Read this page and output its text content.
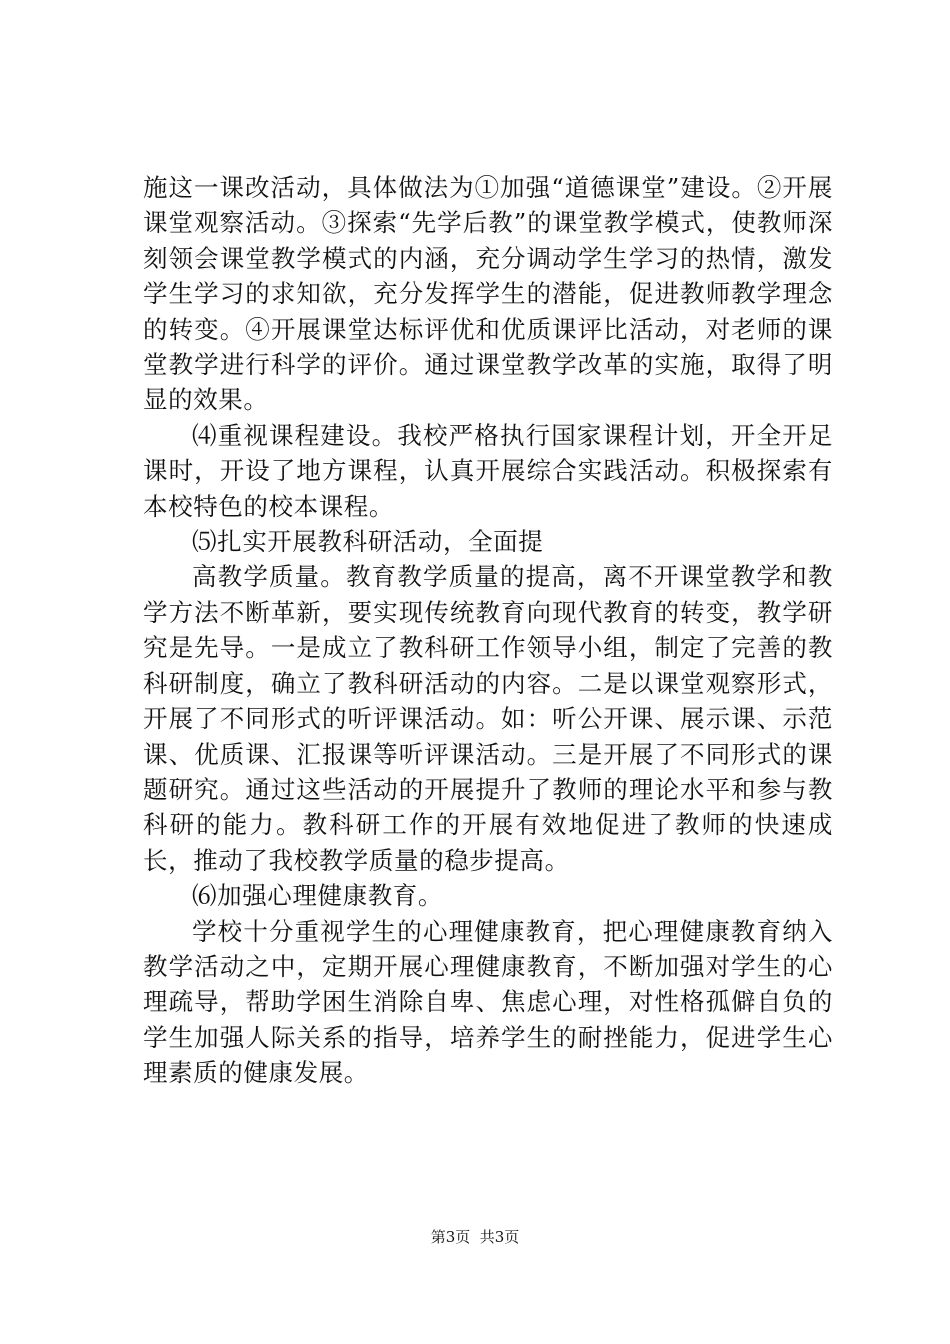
施这一课改活动，具体做法为①加强“道德课堂”建设。②开展课堂观察活动。③探索“先学后教”的课堂教学模式，使教师深刻领会课堂教学模式的内涵，充分调动学生学习的热情，激发学生学习的求知欲，充分发挥学生的潜能，促进教师教学理念的转变。④开展课堂达标评优和优质课评比活动，对老师的课堂教学进行科学的评价。通过课堂教学改革的实施，取得了明显的效果。

⑷重视课程建设。我校严格执行国家课程计划，开全开足课时，开设了地方课程，认真开展综合实践活动。积极探索有本校特色的校本课程。

⑸扎实开展教科研活动，全面提

高教学质量。教育教学质量的提高，离不开课堂教学和教学方法不断革新，要实现传统教育向现代教育的转变，教学研究是先导。一是成立了教科研工作领导小组，制定了完善的教科研制度，确立了教科研活动的内容。二是以课堂观察形式，开展了不同形式的听评课活动。如：听公开课、展示课、示范课、优质课、汇报课等听评课活动。三是开展了不同形式的课题研究。通过这些活动的开展提升了教师的理论水平和参与教科研的能力。教科研工作的开展有效地促进了教师的快速成长，推动了我校教学质量的稳步提高。

⑹加强心理健康教育。

学校十分重视学生的心理健康教育，把心理健康教育纳入教学活动之中，定期开展心理健康教育，不断加强对学生的心理疏导，帮助学困生消除自卑、焦虑心理，对性格孤僻自负的学生加强人际关系的指导，培养学生的耐挫能力，促进学生心理素质的健康发展。

第3页  共3页
